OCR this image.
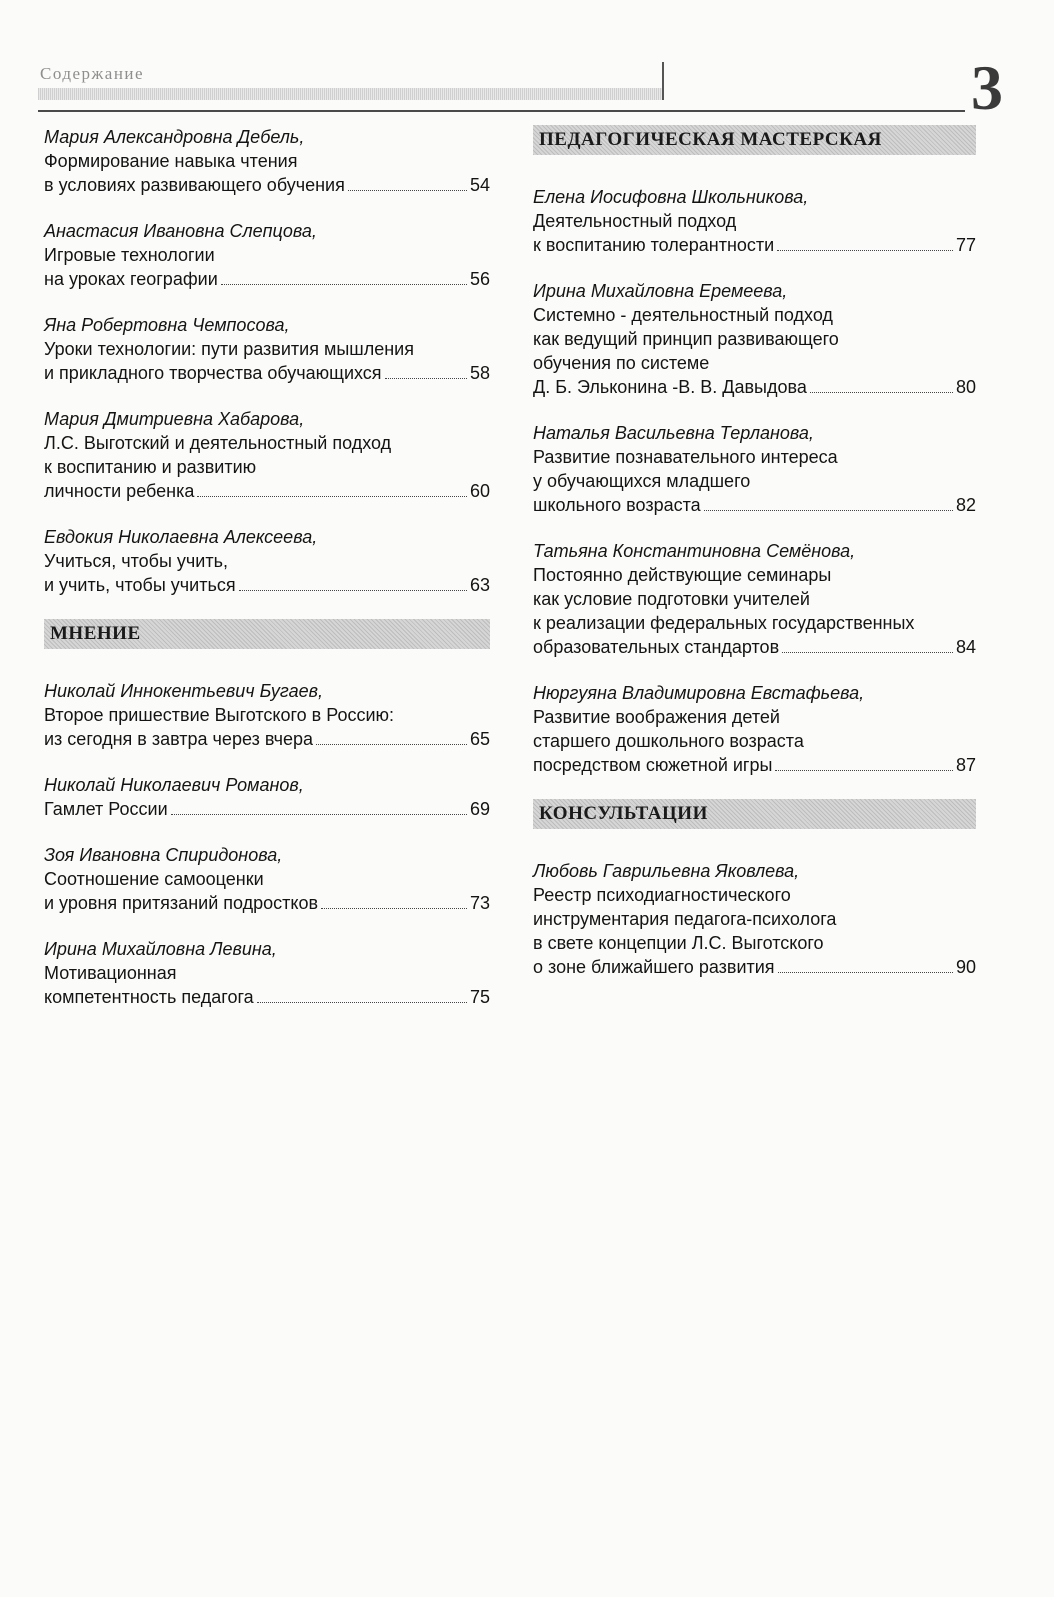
Содержание	3
Мария Александровна Дебель,
Формирование навыка чтения
в условиях развивающего обучения	54
Анастасия Ивановна Слепцова,
Игровые технологии
на уроках географии	56
Яна Робертовна Чемпосова,
Уроки технологии: пути развития мышления
и прикладного творчества обучающихся	58
Мария Дмитриевна Хабарова,
Л.С. Выготский и деятельностный подход
к воспитанию и развитию
личности ребенка	60
Евдокия Николаевна Алексеева,
Учиться, чтобы учить,
и учить, чтобы учиться	63
МНЕНИЕ
Николай Иннокентьевич Бугаев,
Второе пришествие Выготского в Россию:
из сегодня в завтра через вчера	65
Николай Николаевич Романов,
Гамлет России	69
Зоя Ивановна Спиридонова,
Соотношение самооценки
и уровня притязаний подростков	73
Ирина Михайловна Левина,
Мотивационная
компетентность педагога	75
ПЕДАГОГИЧЕСКАЯ МАСТЕРСКАЯ
Елена Иосифовна Школьникова,
Деятельностный подход
к воспитанию толерантности	77
Ирина Михайловна Еремеева,
Системно - деятельностный подход
как ведущий принцип развивающего
обучения по системе
Д. Б. Эльконина -В. В. Давыдова	80
Наталья Васильевна Терланова,
Развитие познавательного интереса
у обучающихся младшего
школьного возраста	82
Татьяна Константиновна Семёнова,
Постоянно действующие семинары
как условие подготовки учителей
к реализации федеральных государственных
образовательных стандартов	84
Нюргуяна Владимировна Евстафьева,
Развитие воображения детей
старшего дошкольного возраста
посредством сюжетной игры	87
КОНСУЛЬТАЦИИ
Любовь Гаврильевна Яковлева,
Реестр психодиагностического
инструментария педагога-психолога
в свете концепции Л.С. Выготского
о зоне ближайшего развития	90
